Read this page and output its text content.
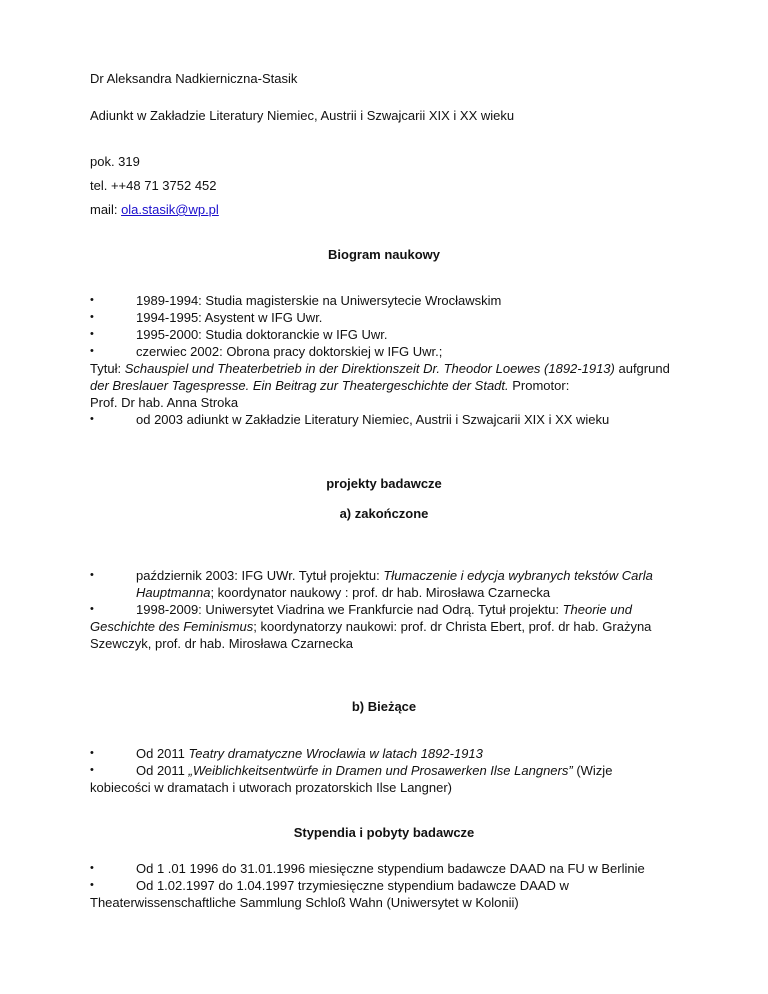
Dr Aleksandra Nadkierniczna-Stasik
Adiunkt w Zakładzie Literatury Niemiec, Austrii i Szwajcarii XIX i XX wieku
pok. 319
tel. ++48 71 3752 452
mail: ola.stasik@wp.pl
Biogram naukowy
•	1989-1994: Studia magisterskie na Uniwersytecie Wrocławskim
•	1994-1995: Asystent w IFG Uwr.
•	1995-2000: Studia doktoranckie w IFG Uwr.
•	czerwiec 2002: Obrona pracy doktorskiej w IFG Uwr.;
Tytuł: Schauspiel und Theaterbetrieb in der Direktionszeit Dr. Theodor Loewes (1892-1913) aufgrund
der Breslauer Tagespresse. Ein Beitrag zur Theatergeschichte der Stadt. Promotor:
Prof. Dr hab. Anna Stroka
•	od 2003 adiunkt w Zakładzie Literatury Niemiec, Austrii i Szwajcarii XIX i XX wieku
projekty badawcze
a) zakończone
•	październik 2003: IFG UWr. Tytuł projektu: Tłumaczenie i edycja wybranych tekstów Carla
Hauptmanna; koordynator naukowy : prof. dr hab. Mirosława Czarnecka
•	1998-2009: Uniwersytet Viadrina we Frankfurcie nad Odrą. Tytuł projektu: Theorie und
Geschichte des Feminismus; koordynatorzy naukowi: prof. dr Christa Ebert, prof. dr hab. Grażyna
Szewczyk, prof. dr hab. Mirosława Czarnecka
b) Bieżące
•	Od 2011 Teatry dramatyczne Wrocławia w latach 1892-1913
•	Od 2011 „Weiblichkeitsentwürfe in Dramen und Prosawerken Ilse Langners” (Wizje
kobiecości w dramatach i utworach prozatorskich Ilse Langner)
Stypendia i pobyty badawcze
•	Od 1 .01 1996 do 31.01.1996 miesięczne stypendium badawcze DAAD na FU w Berlinie
•	Od 1.02.1997 do 1.04.1997 trzymiesięczne stypendium badawcze DAAD w
Theaterwissenschaftliche Sammlung Schloß Wahn (Uniwersytet w Kolonii)
